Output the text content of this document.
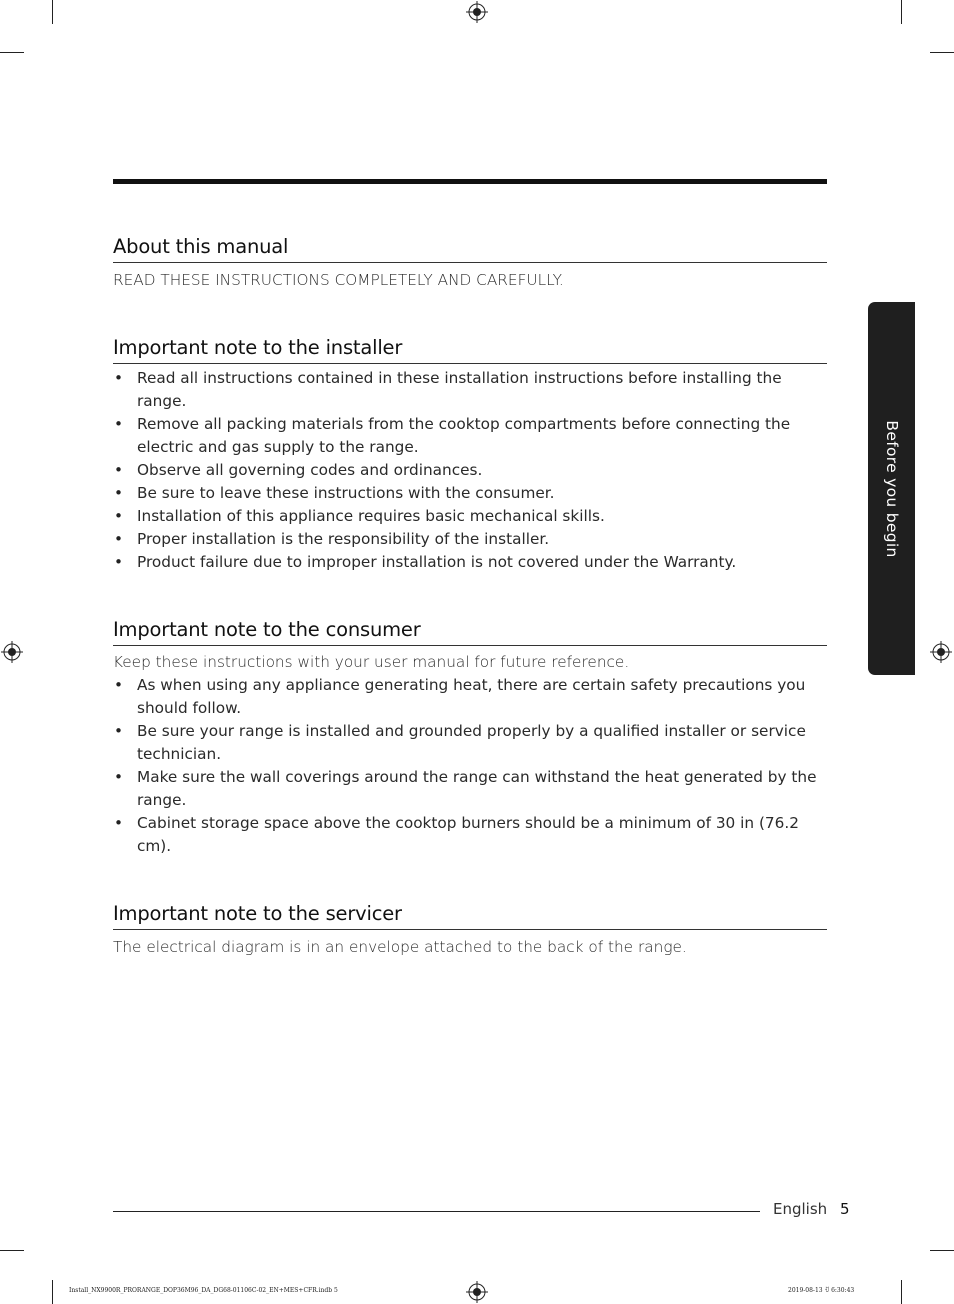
About this manual
READ THESE INSTRUCTIONS COMPLETELY AND CAREFULLY.
Important note to the installer
• Read all instructions contained in these installation instructions before installing the range.
• Remove all packing materials from the cooktop compartments before connecting the electric and gas supply to the range.
• Observe all governing codes and ordinances.
• Be sure to leave these instructions with the consumer.
• Installation of this appliance requires basic mechanical skills.
• Proper installation is the responsibility of the installer.
• Product failure due to improper installation is not covered under the Warranty.
Important note to the consumer
Keep these instructions with your user manual for future reference.
• As when using any appliance generating heat, there are certain safety precautions you should follow.
• Be sure your range is installed and grounded properly by a qualified installer or service technician.
• Make sure the wall coverings around the range can withstand the heat generated by the range.
• Cabinet storage space above the cooktop burners should be a minimum of 30 in (76.2 cm).
Important note to the servicer
The electrical diagram is in an envelope attached to the back of the range.
Before you begin
English 5
Install_NX9900R_PRORANGE_DOP36M96_DA_DG68-01106C-02_EN+MES+CFR.indb 5	2019-08-13 ꀀ 6:30:43
